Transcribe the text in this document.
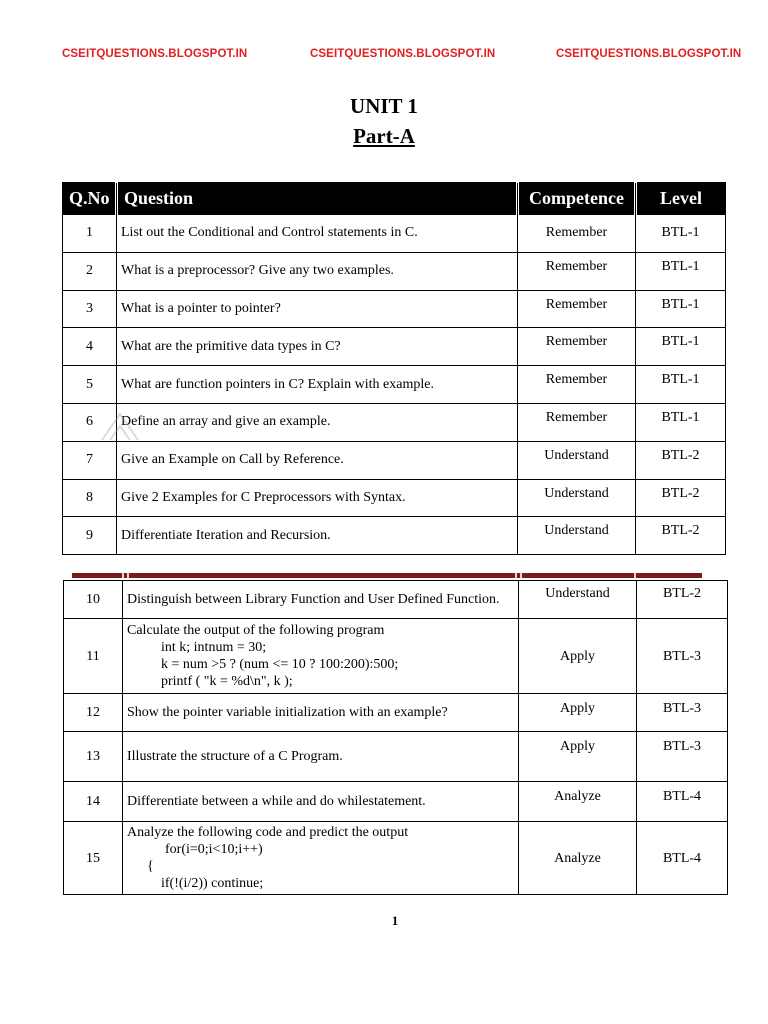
CSEITQUESTIONS.BLOGSPOT.IN	CSEITQUESTIONS.BLOGSPOT.IN	CSEITQUESTIONS.BLOGSPOT.IN
UNIT 1
Part-A
Q.No	Question	Competence	Level
1	List out the Conditional and Control statements in C.	Remember	BTL-1
2	What is a preprocessor? Give any two examples.	Remember	BTL-1
3	What is a pointer to pointer?	Remember	BTL-1
4	What are the primitive data types in C?	Remember	BTL-1
5	What are function pointers in C? Explain with example.	Remember	BTL-1
6	Define an array and give an example.	Remember	BTL-1
7	Give an Example on Call by Reference.	Understand	BTL-2
8	Give 2 Examples for C Preprocessors with Syntax.	Understand	BTL-2
9	Differentiate Iteration and Recursion.	Understand	BTL-2
10	Distinguish between Library Function and User Defined Function.	Understand	BTL-2
11	Calculate the output of the following program
int k; intnum = 30;
k = num >5 ? (num <= 10 ? 100:200):500;
printf ( "k = %d\n", k );	Apply	BTL-3
12	Show the pointer variable initialization with an example?	Apply	BTL-3
13	Illustrate the structure of a C Program.	Apply	BTL-3
14	Differentiate between a while and do whilestatement.	Analyze	BTL-4
15	Analyze the following code and predict the output
for(i=0;i<10;i++)
{
if(!(i/2)) continue;	Analyze	BTL-4
1
